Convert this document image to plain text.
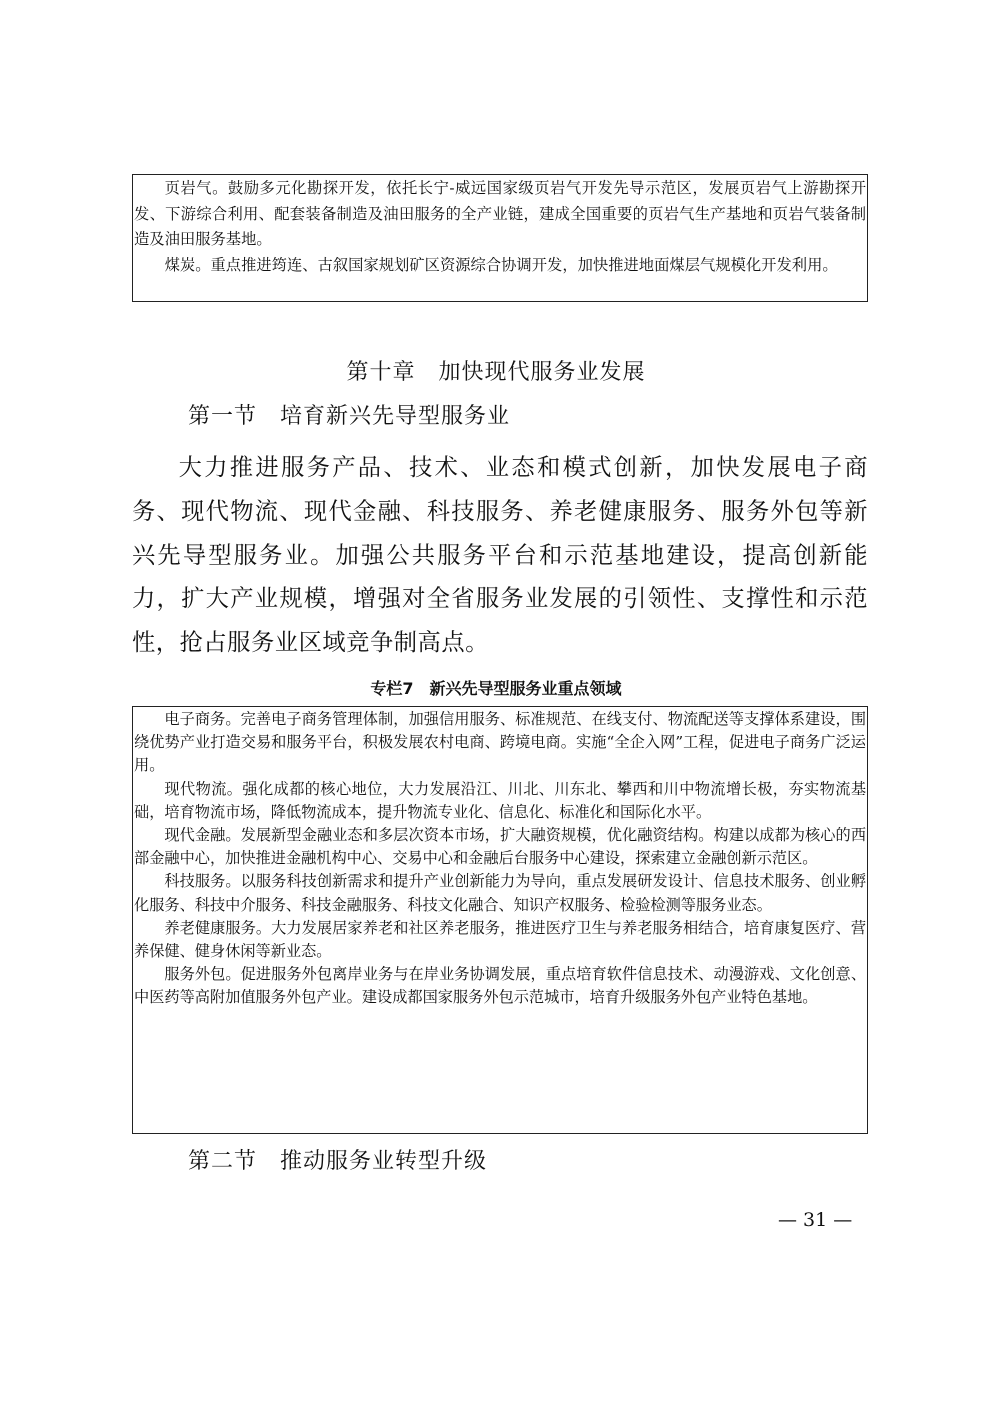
页岩气。鼓励多元化勘探开发，依托长宁-威远国家级页岩气开发先导示范区，发展页岩气上游勘探开发、下游综合利用、配套装备制造及油田服务的全产业链，建成全国重要的页岩气生产基地和页岩气装备制造及油田服务基地。

煤炭。重点推进筠连、古叙国家规划矿区资源综合协调开发，加快推进地面煤层气规模化开发利用。

第十章　加快现代服务业发展
第一节　培育新兴先导型服务业

大力推进服务产品、技术、业态和模式创新，加快发展电子商务、现代物流、现代金融、科技服务、养老健康服务、服务外包等新兴先导型服务业。加强公共服务平台和示范基地建设，提高创新能力，扩大产业规模，增强对全省服务业发展的引领性、支撑性和示范性，抢占服务业区域竞争制高点。

专栏7　新兴先导型服务业重点领域

电子商务。完善电子商务管理体制，加强信用服务、标准规范、在线支付、物流配送等支撑体系建设，围绕优势产业打造交易和服务平台，积极发展农村电商、跨境电商。实施“全企入网”工程，促进电子商务广泛运用。

现代物流。强化成都的核心地位，大力发展沿江、川北、川东北、攀西和川中物流增长极，夯实物流基础，培育物流市场，降低物流成本，提升物流专业化、信息化、标准化和国际化水平。

现代金融。发展新型金融业态和多层次资本市场，扩大融资规模，优化融资结构。构建以成都为核心的西部金融中心，加快推进金融机构中心、交易中心和金融后台服务中心建设，探索建立金融创新示范区。

科技服务。以服务科技创新需求和提升产业创新能力为导向，重点发展研发设计、信息技术服务、创业孵化服务、科技中介服务、科技金融服务、科技文化融合、知识产权服务、检验检测等服务业态。

养老健康服务。大力发展居家养老和社区养老服务，推进医疗卫生与养老服务相结合，培育康复医疗、营养保健、健身休闲等新业态。

服务外包。促进服务外包离岸业务与在岸业务协调发展，重点培育软件信息技术、动漫游戏、文化创意、中医药等高附加值服务外包产业。建设成都国家服务外包示范城市，培育升级服务外包产业特色基地。

第二节　推动服务业转型升级
— 31 —
